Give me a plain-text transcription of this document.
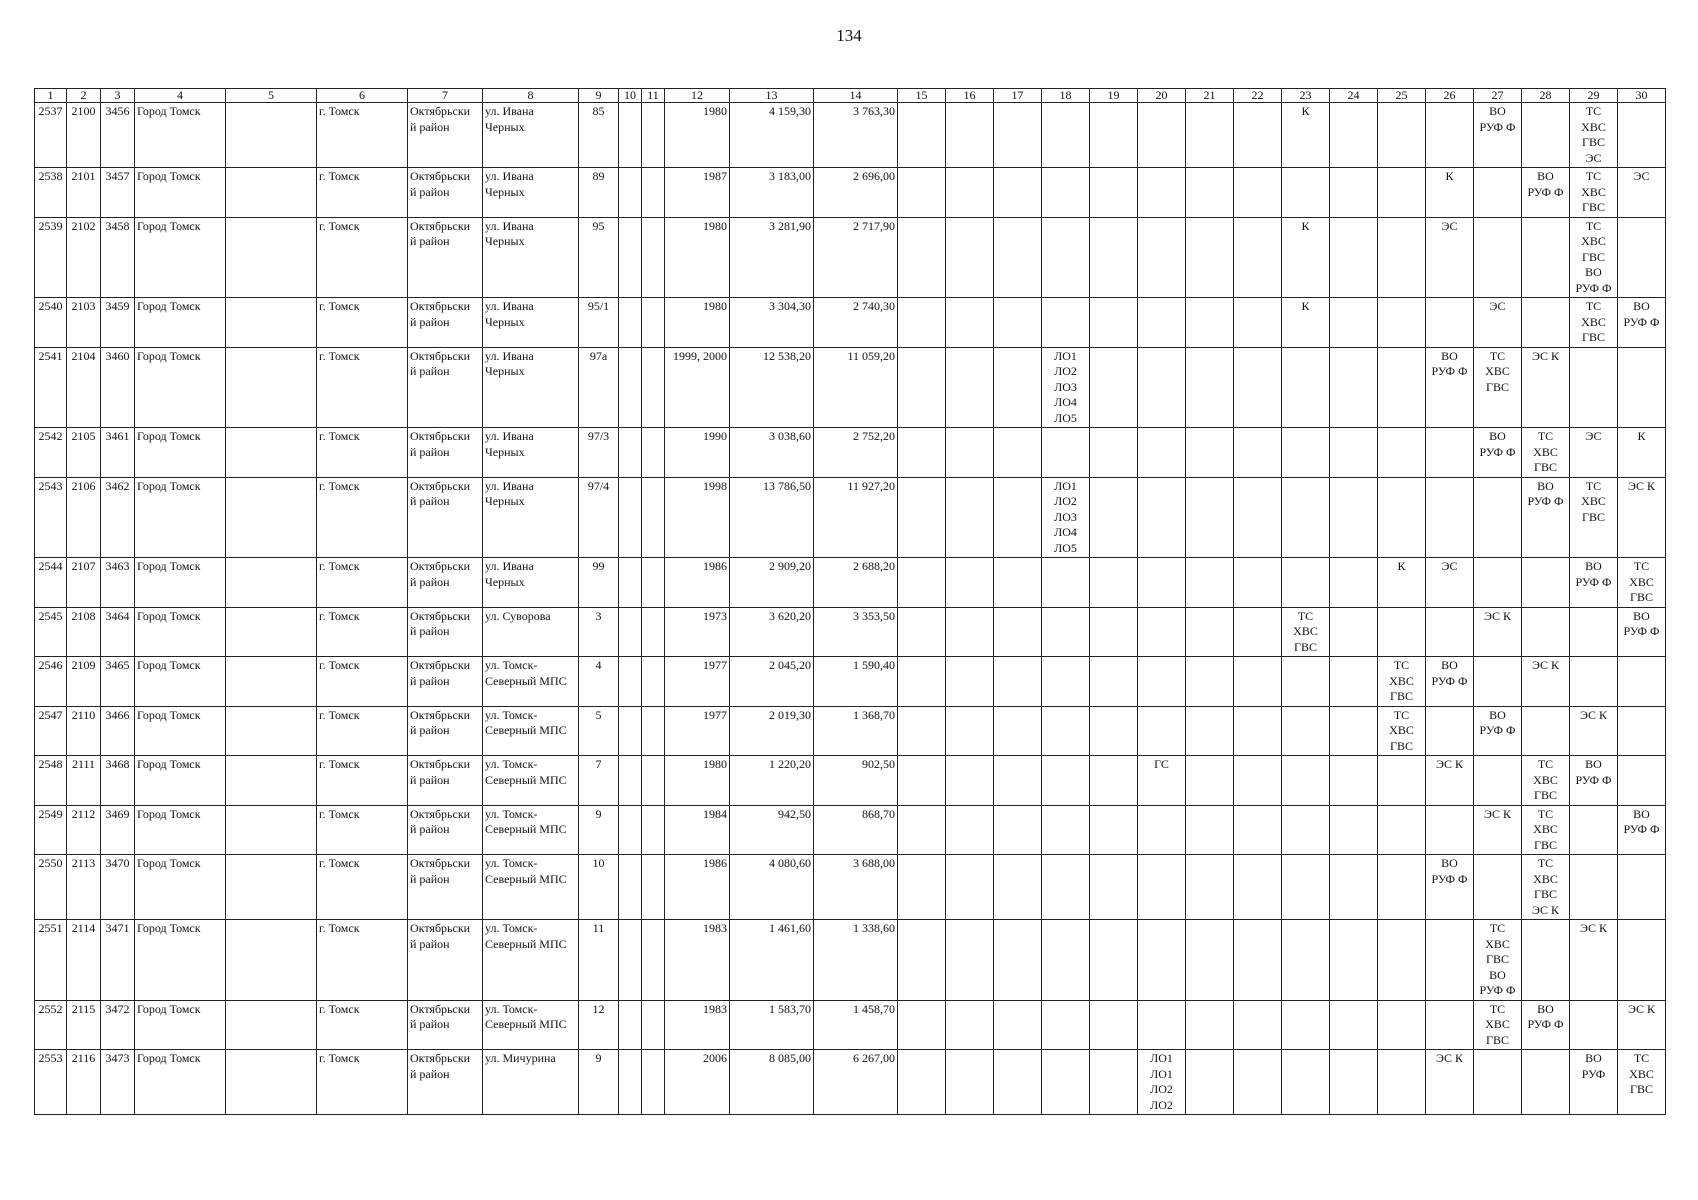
134
1	2	3	4	5	6	7	8	9	10	11	12	13	14	15	16	17	18	19	20	21	22	23	24	25	26	27	28	29	30
2537	2100	3456	Город Томск		г. Томск	Октябрьски
й район	ул. Ивана
Черных	85			1980	4 159,30	3 763,30									К				ВО
РУФ Ф		ТС
ХВС
ГВС
ЭС	
2538	2101	3457	Город Томск		г. Томск	Октябрьски
й район	ул. Ивана
Черных	89			1987	3 183,00	2 696,00												К		ВО
РУФ Ф	ТС
ХВС
ГВС	ЭС
2539	2102	3458	Город Томск		г. Томск	Октябрьски
й район	ул. Ивана
Черных	95			1980	3 281,90	2 717,90									К			ЭС			ТС
ХВС
ГВС
ВО
РУФ Ф	
2540	2103	3459	Город Томск		г. Томск	Октябрьски
й район	ул. Ивана
Черных	95/1			1980	3 304,30	2 740,30									К				ЭС		ТС
ХВС
ГВС	ВО
РУФ Ф
2541	2104	3460	Город Томск		г. Томск	Октябрьски
й район	ул. Ивана
Черных	97а			1999, 2000	12 538,20	11 059,20				ЛО1
ЛО2
ЛО3
ЛО4
ЛО5								ВО
РУФ Ф	ТС
ХВС
ГВС	ЭС К		
2542	2105	3461	Город Томск		г. Томск	Октябрьски
й район	ул. Ивана
Черных	97/3			1990	3 038,60	2 752,20													ВО
РУФ Ф	ТС
ХВС
ГВС	ЭС	К
2543	2106	3462	Город Томск		г. Томск	Октябрьски
й район	ул. Ивана
Черных	97/4			1998	13 786,50	11 927,20				ЛО1
ЛО2
ЛО3
ЛО4
ЛО5										ВО
РУФ Ф	ТС
ХВС
ГВС	ЭС К
2544	2107	3463	Город Томск		г. Томск	Октябрьски
й район	ул. Ивана
Черных	99			1986	2 909,20	2 688,20											К	ЭС			ВО
РУФ Ф	ТС
ХВС
ГВС
2545	2108	3464	Город Томск		г. Томск	Октябрьски
й район	ул. Суворова	3			1973	3 620,20	3 353,50									ТС
ХВС
ГВС				ЭС К			ВО
РУФ Ф
2546	2109	3465	Город Томск		г. Томск	Октябрьски
й район	ул. Томск-
Северный МПС	4			1977	2 045,20	1 590,40											ТС
ХВС
ГВС	ВО
РУФ Ф		ЭС К		
2547	2110	3466	Город Томск		г. Томск	Октябрьски
й район	ул. Томск-
Северный МПС	5			1977	2 019,30	1 368,70											ТС
ХВС
ГВС		ВО
РУФ Ф		ЭС К	
2548	2111	3468	Город Томск		г. Томск	Октябрьски
й район	ул. Томск-
Северный МПС	7			1980	1 220,20	902,50						ГС						ЭС К		ТС
ХВС
ГВС	ВО
РУФ Ф	
2549	2112	3469	Город Томск		г. Томск	Октябрьски
й район	ул. Томск-
Северный МПС	9			1984	942,50	868,70													ЭС К	ТС
ХВС
ГВС		ВО
РУФ Ф
2550	2113	3470	Город Томск		г. Томск	Октябрьски
й район	ул. Томск-
Северный МПС	10			1986	4 080,60	3 688,00												ВО
РУФ Ф		ТС
ХВС
ГВС
ЭС К		
2551	2114	3471	Город Томск		г. Томск	Октябрьски
й район	ул. Томск-
Северный МПС	11			1983	1 461,60	1 338,60													ТС
ХВС
ГВС
ВО
РУФ Ф		ЭС К	
2552	2115	3472	Город Томск		г. Томск	Октябрьски
й район	ул. Томск-
Северный МПС	12			1983	1 583,70	1 458,70													ТС
ХВС
ГВС	ВО
РУФ Ф		ЭС К
2553	2116	3473	Город Томск		г. Томск	Октябрьски
й район	ул. Мичурина	9			2006	8 085,00	6 267,00						ЛО1
ЛО1
ЛО2
ЛО2						ЭС К			ВО
РУФ	ТС
ХВС
ГВС
